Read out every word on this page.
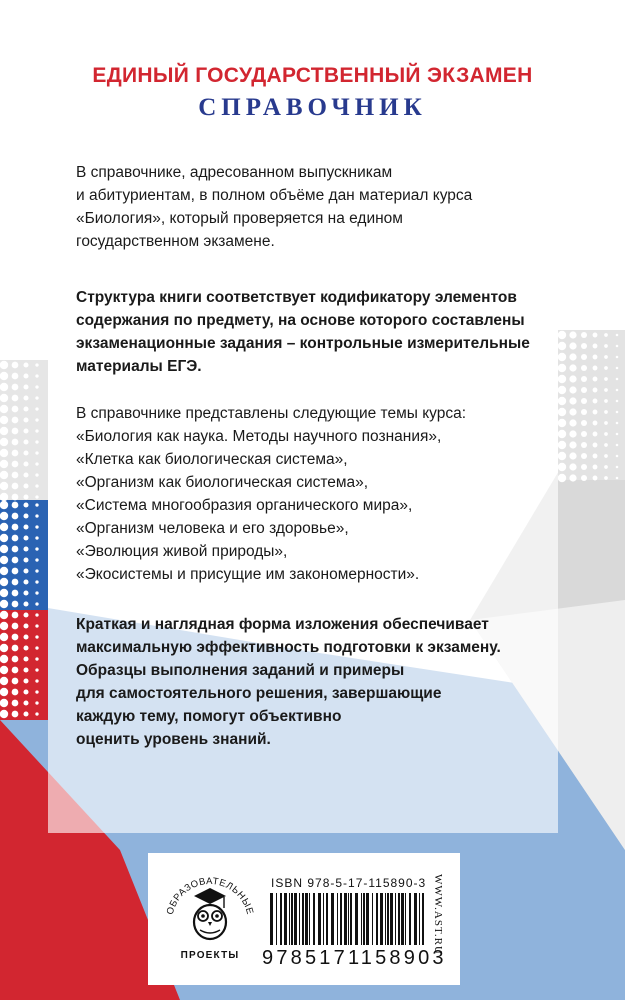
ЕДИНЫЙ ГОСУДАРСТВЕННЫЙ ЭКЗАМЕН
СПРАВОЧНИК
В справочнике, адресованном выпускникам
и абитуриентам, в полном объёме дан материал курса
«Биология», который проверяется на едином
государственном экзамене.
Структура книги соответствует кодификатору элементов
содержания по предмету, на основе которого составлены
экзаменационные задания – контрольные измерительные
материалы ЕГЭ.
В справочнике представлены следующие темы курса:
«Биология как наука. Методы научного познания»,
«Клетка как биологическая система»,
«Организм как биологическая система»,
«Система многообразия органического мира»,
«Организм человека и его здоровье»,
«Эволюция живой природы»,
«Экосистемы и присущие им закономерности».
Краткая и наглядная форма изложения обеспечивает
максимальную эффективность подготовки к экзамену.
Образцы выполнения заданий и примеры
для самостоятельного решения, завершающие
каждую тему, помогут объективно
оценить уровень знаний.
ОБРАЗОВАТЕЛЬНЫЕ
ПРОЕКТЫ
ISBN 978-5-17-115890-3
9785171158903
WWW.AST.RU
